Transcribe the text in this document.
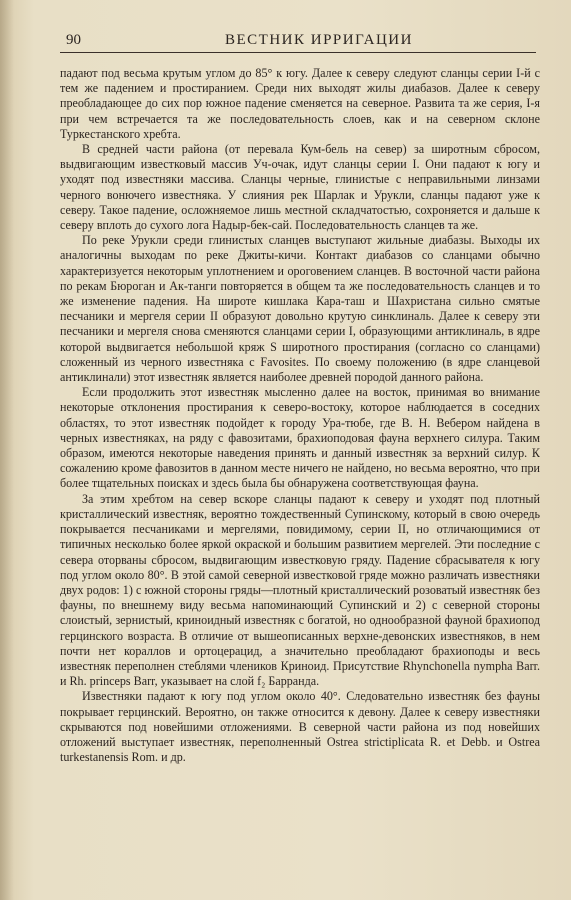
90	ВЕСТНИК ИРРИГАЦИИ

падают под весьма крутым углом до 85° к югу. Далее к северу следуют сланцы серии I-й с тем же падением и простиранием. Среди них выходят жилы диабазов. Далее к северу преобладающее до сих пор южное падение сменяется на северное. Развита та же серия, I-я при чем встречается та же последовательность слоев, как и на северном склоне Туркестанского хребта.

В средней части района (от перевала Кум-бель на север) за широтным сбросом, выдвигающим известковый массив Уч-очак, идут сланцы серии I. Они падают к югу и уходят под известняки массива. Сланцы черные, глинистые с неправильными линзами черного вонючего известняка. У слияния рек Шарлак и Урукли, сланцы падают уже к северу. Такое падение, осложняемое лишь местной складчатостью, сохроняется и дальше к северу вплоть до сухого лога Надыр-бек-сай. Последовательность сланцев та же.

По реке Урукли среди глинистых сланцев выступают жильные диабазы. Выходы их аналогичны выходам по реке Джиты-кичи. Контакт диабазов со сланцами обычно характеризуется некоторым уплотнением и ороговением сланцев. В восточной части района по рекам Бюроган и Ак-танги повторяется в общем та же последовательность сланцев и то же изменение падения. На широте кишлака Кара-таш и Шахристана сильно смятые песчаники и мергеля серии II образуют довольно крутую синклиналь. Далее к северу эти песчаники и мергеля снова сменяются сланцами серии I, образующими антиклиналь, в ядре которой выдвигается небольшой кряж S широтного простирания (согласно со сланцами) сложенный из черного известняка с Favosites. По своему положению (в ядре сланцевой антиклинали) этот известняк является наиболее древней породой данного района.

Если продолжить этот известняк мысленно далее на восток, принимая во внимание некоторые отклонения простирания к северо-востоку, которое наблюдается в соседних областях, то этот известняк подойдет к городу Ура-тюбе, где В. Н. Вебером найдена в черных известняках, на ряду с фавозитами, брахиоподовая фауна верхнего силура. Таким образом, имеются некоторые наведения принять и данный известняк за верхний силур. К сожалению кроме фавозитов в данном месте ничего не найдено, но весьма вероятно, что при более тщательных поисках и здесь была бы обнаружена соответствующая фауна.

За этим хребтом на север вскоре сланцы падают к северу и уходят под плотный кристаллический известняк, вероятно тождественный Супинскому, который в свою очередь покрывается песчаниками и мергелями, повидимому, серии II, но отличающимися от типичных несколько более яркой окраской и большим развитием мергелей. Эти последние с севера оторваны сбросом, выдвигающим известковую гряду. Падение сбрасывателя к югу под углом около 80°. В этой самой северной известковой гряде можно различать известняки двух родов: 1) с южной стороны гряды—плотный кристаллический розоватый известняк без фауны, по внешнему виду весьма напоминающий Супинский и 2) с северной стороны слоистый, зернистый, криноидный известняк с богатой, но однообразной фауной брахиопод герцинского возраста. В отличие от вышеописанных верхне-девонских известняков, в нем почти нет кораллов и ортоцерацид, а значительно преобладают брахиоподы и весь известняк переполнен стеблями члеников Криноид. Присутствие Rhynchonella nympha Barr. и Rh. princeps Barr, указывает на слой f₂ Барранда.

Известняки падают к югу под углом около 40°. Следовательно известняк без фауны покрывает герцинский. Вероятно, он также относится к девону. Далее к северу известняки скрываются под новейшими отложениями. В северной части района из под новейших отложений выступает известняк, переполненный Ostrea strictiplicata R. et Debb. и Ostrea turkestanensis Rom. и др.
